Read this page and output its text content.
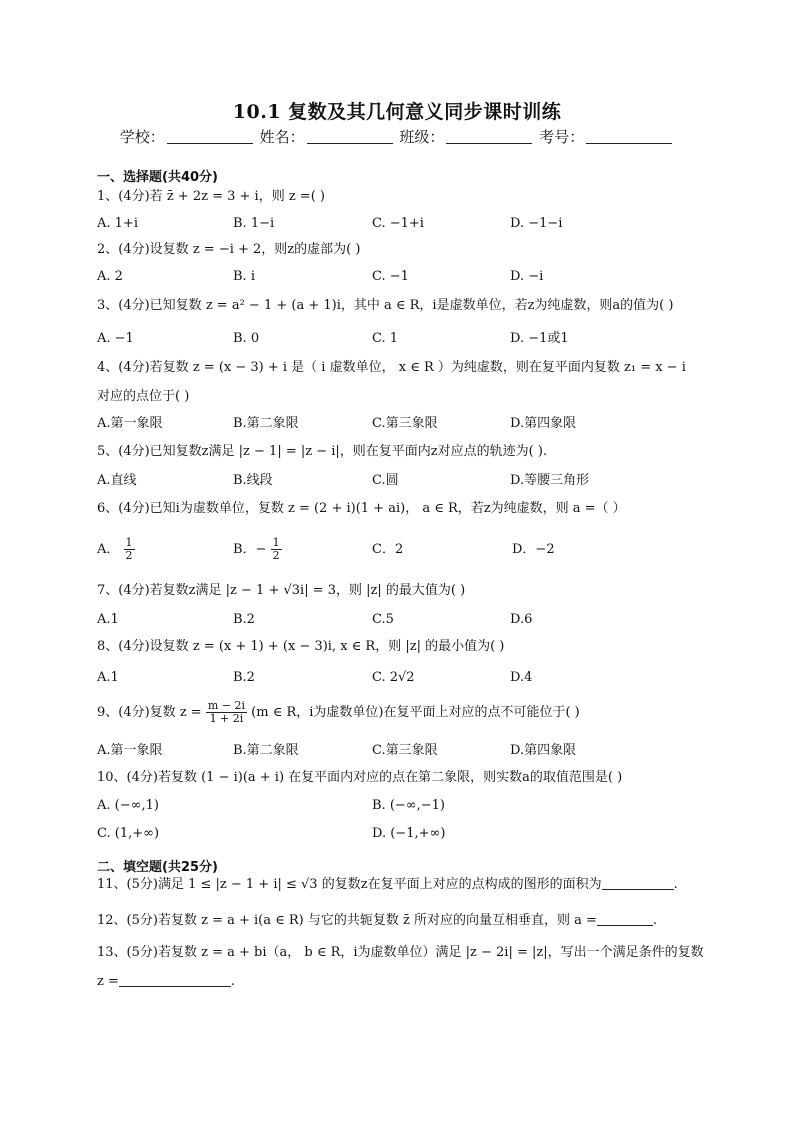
10.1 复数及其几何意义同步课时训练
学校：	姓名：	班级：	考号：
一、选择题(共40分)
1、(4分)若 z̄ + 2z = 3 + i，则 z =( )
A. 1+i	B. 1−i	C. −1+i	D. −1−i
2、(4分)设复数 z = −i + 2，则z的虚部为( )
A. 2	B. i	C. −1	D. −i
3、(4分)已知复数 z = a² − 1 + (a + 1)i，其中 a ∈ R，i是虚数单位，若z为纯虚数，则a的值为( )
A. −1	B. 0	C. 1	D. −1或1
4、(4分)若复数 z = (x − 3) + i 是（ i 虚数单位， x ∈ R ）为纯虚数，则在复平面内复数 z₁ = x − i
对应的点位于( )
A.第一象限	B.第二象限	C.第三象限	D.第四象限
5、(4分)已知复数z满足 |z − 1| = |z − i|，则在复平面内z对应点的轨迹为( ).
A.直线	B.线段	C.圆	D.等腰三角形
6、(4分)已知i为虚数单位，复数 z = (2 + i)(1 + ai)， a ∈ R，若z为纯虚数，则 a =（ ）
A． $\frac{1}{2}$	B．− $\frac{1}{2}$	C．2	D．−2
7、(4分)若复数z满足 |z − 1 + √3i| = 3，则 |z| 的最大值为( )
A.1	B.2	C.5	D.6
8、(4分)设复数 z = (x + 1) + (x − 3)i, x ∈ R，则 |z| 的最小值为( )
A.1	B.2	C. 2√2	D.4
9、(4分)复数 $z = \frac{m - 2i}{1 + 2i} (m$ ∈ R，i为虚数单位)在复平面上对应的点不可能位于( )
A.第一象限	B.第二象限	C.第三象限	D.第四象限
10、(4分)若复数 (1 − i)(a + i) 在复平面内对应的点在第二象限，则实数a的取值范围是( )
A. (−∞,1)	B. (−∞,−1)
C. (1,+∞)	D. (−1,+∞)
二、填空题(共25分)
11、(5分)满足 1 ≤ |z − 1 + i| ≤ √3 的复数z在复平面上对应的点构成的图形的面积为	.
12、(5分)若复数 z = a + i(a ∈ R) 与它的共轭复数 z̄ 所对应的向量互相垂直，则 a =	.
13、(5分)若复数 z = a + bi（a， b ∈ R，i为虚数单位）满足 |z − 2i| = |z|，写出一个满足条件的复数
z =	.
